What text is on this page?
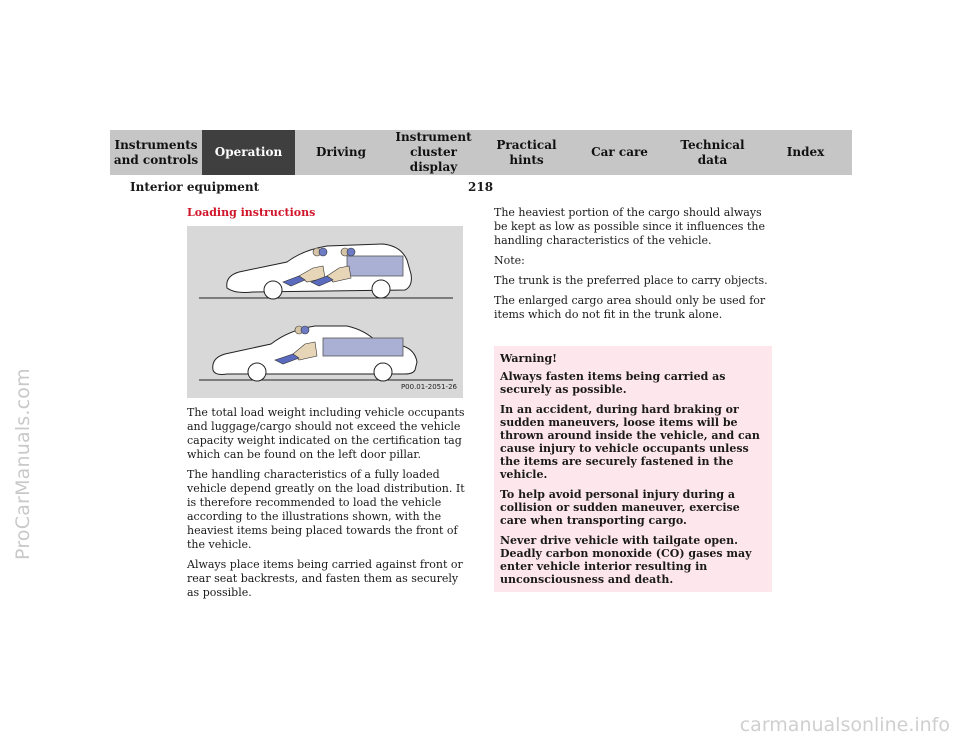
ProCarManuals.com
carmanualsonline.info
Instruments
and controls
Operation	Driving
Instrument
cluster display
Practical hints
Car care
Technical
data
Index
Interior equipment	218
Loading instructions
P00.01-2051-26

The total load weight including vehicle occupants and luggage/cargo should not exceed the vehicle capacity weight indicated on the certification tag which can be found on the left door pillar.

The handling characteristics of a fully loaded vehicle depend greatly on the load distribution. It is therefore recommended to load the vehicle according to the illustrations shown, with the heaviest items being placed towards the front of the vehicle.

Always place items being carried against front or rear seat backrests, and fasten them as securely as possible.

The heaviest portion of the cargo should always be kept as low as possible since it influences the handling characteristics of the vehicle.

Note:

The trunk is the preferred place to carry objects.

The enlarged cargo area should only be used for items which do not fit in the trunk alone.

Warning!

Always fasten items being carried as securely as possible.

In an accident, during hard braking or sudden maneuvers, loose items will be thrown around inside the vehicle, and can cause injury to vehicle occupants unless the items are securely fastened in the vehicle.

To help avoid personal injury during a collision or sudden maneuver, exercise care when transporting cargo.

Never drive vehicle with tailgate open. Deadly carbon monoxide (CO) gases may enter vehicle interior resulting in unconsciousness and death.
